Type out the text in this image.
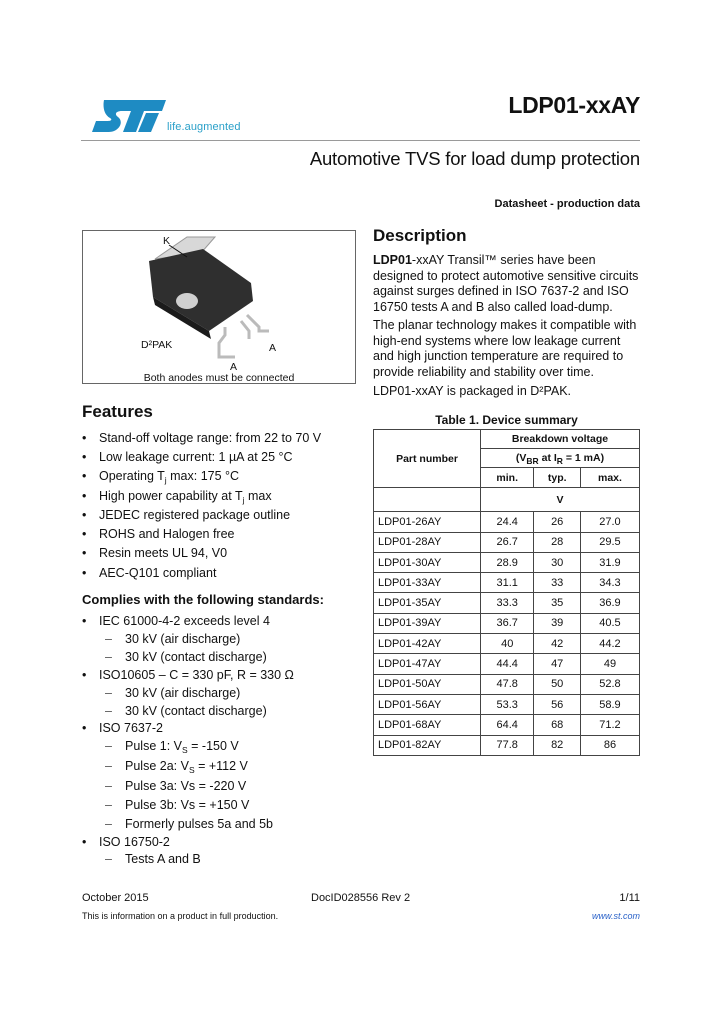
life.augmented
LDP01-xxAY
Automotive TVS for load dump protection
Datasheet - production data
K
D²PAK	A
A
Both anodes must be connected
Features
• Stand-off voltage range: from 22 to 70 V
• Low leakage current: 1 µA at 25 °C
• Operating $T_j$ max: 175 °C
• High power capability at $T_j$ max
• JEDEC registered package outline
• ROHS and Halogen free
• Resin meets UL 94, V0
• AEC-Q101 compliant
Complies with the following standards:
• IEC 61000-4-2 exceeds level 4
– 30 kV (air discharge)
– 30 kV (contact discharge)
• ISO10605 – C = 330 pF, R = 330 Ω
– 30 kV (air discharge)
– 30 kV (contact discharge)
• ISO 7637-2
– Pulse 1: $V_S = -150$ V
– Pulse 2a: $V_S = +112$ V
– Pulse 3a: Vs = -220 V
– Pulse 3b: Vs = +150 V
– Formerly pulses 5a and 5b
• ISO 16750-2
– Tests A and B
Description
LDP01-xxAY Transil™ series have been designed to protect automotive sensitive circuits against surges defined in ISO 7637-2 and ISO 16750 tests A and B also called load-dump.
The planar technology makes it compatible with high-end systems where low leakage current and high junction temperature are required to provide reliability and stability over time.
LDP01-xxAY is packaged in D²PAK.
Table 1. Device summary
Part number	Breakdown voltage		
	($V_{BR}$ at $I_R = 1$ mA)		
	min.	typ.	max.
	V		
LDP01-26AY	24.4	26	27.0
LDP01-28AY	26.7	28	29.5
LDP01-30AY	28.9	30	31.9
LDP01-33AY	31.1	33	34.3
LDP01-35AY	33.3	35	36.9
LDP01-39AY	36.7	39	40.5
LDP01-42AY	40	42	44.2
LDP01-47AY	44.4	47	49
LDP01-50AY	47.8	50	52.8
LDP01-56AY	53.3	56	58.9
LDP01-68AY	64.4	68	71.2
LDP01-82AY	77.8	82	86
October 2015	DocID028556 Rev 2	1/11
This is information on a product in full production.	www.st.com
